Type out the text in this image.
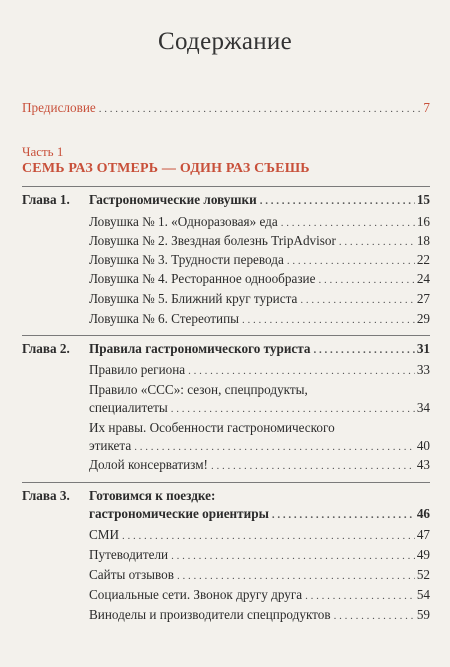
Содержание
Предисловие . . .	7
Часть 1
СЕМЬ РАЗ ОТМЕРЬ — ОДИН РАЗ СЪЕШЬ
Глава 1. Гастрономические ловушки . . .	15
Ловушка № 1. «Одноразовая» еда . . .	16
Ловушка № 2. Звездная болезнь TripAdvisor . . .	18
Ловушка № 3. Трудности перевода . . .	22
Ловушка № 4. Ресторанное однообразие . . .	24
Ловушка № 5. Ближний круг туриста . . .	27
Ловушка № 6. Стереотипы . . .	29
Глава 2. Правила гастрономического туриста . . .	31
Правило региона . . .	33
Правило «ССС»: сезон, спецпродукты,
специалитеты . . .	34
Их нравы. Особенности гастрономического
этикета . . .	40
Долой консерватизм! . . .	43
Глава 3. Готовимся к поездке:
гастрономические ориентиры . . .	46
СМИ . . .	47
Путеводители . . .	49
Сайты отзывов . . .	52
Социальные сети. Звонок другу друга . . .	54
Виноделы и производители спецпродуктов . . .	59
